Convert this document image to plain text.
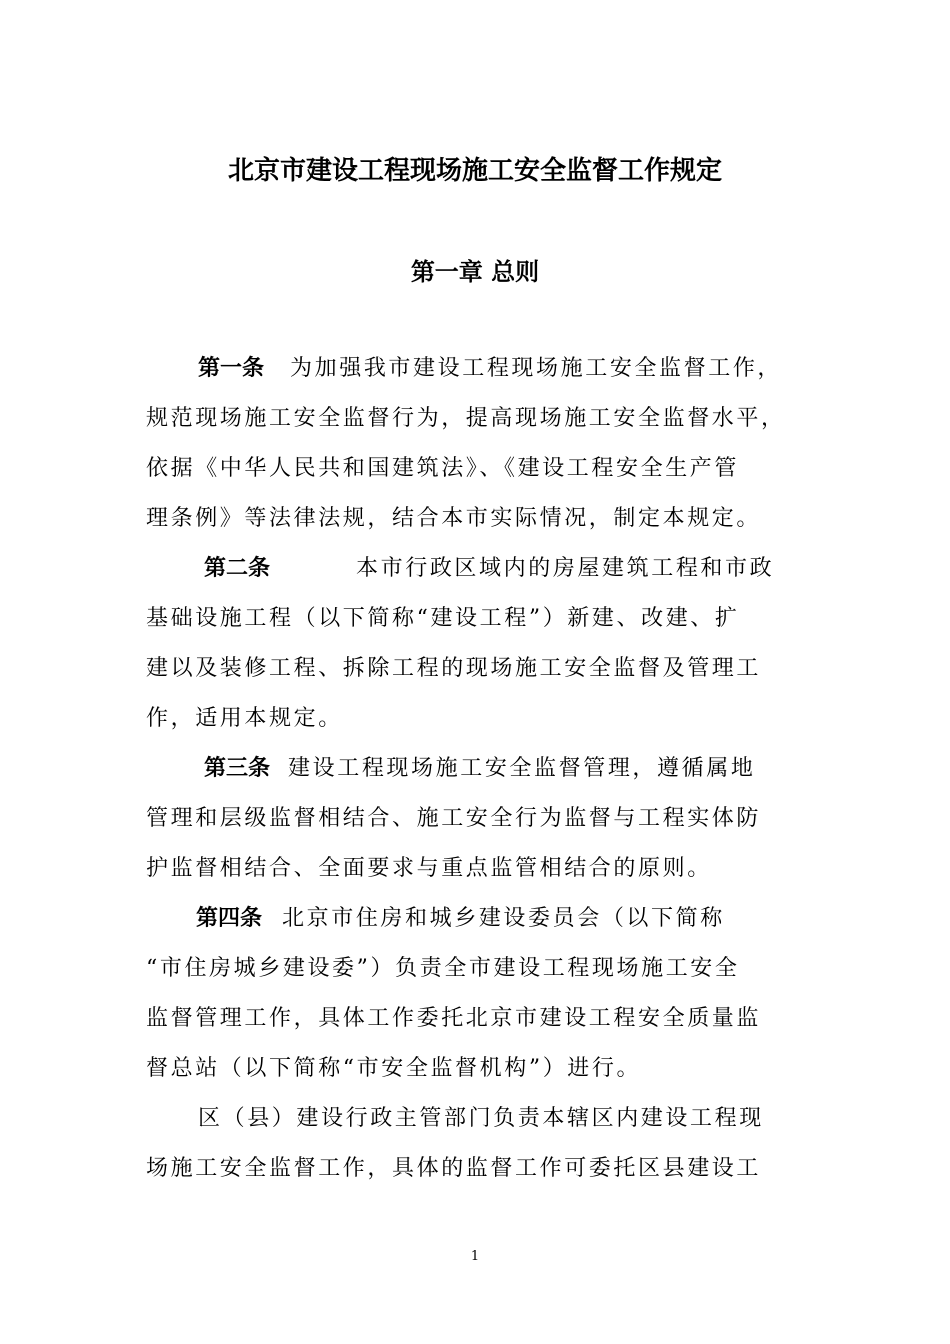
北京市建设工程现场施工安全监督工作规定
第一章 总则

第一条 为加强我市建设工程现场施工安全监督工作，

规范现场施工安全监督行为，提高现场施工安全监督水平，

依据《中华人民共和国建筑法》、《建设工程安全生产管

理条例》等法律法规，结合本市实际情况，制定本规定。

第二条	本市行政区域内的房屋建筑工程和市政

基础设施工程（以下简称“建设工程”）新建、改建、扩

建以及装修工程、拆除工程的现场施工安全监督及管理工

作，适用本规定。

第三条 建设工程现场施工安全监督管理，遵循属地

管理和层级监督相结合、施工安全行为监督与工程实体防

护监督相结合、全面要求与重点监管相结合的原则。

第四条 北京市住房和城乡建设委员会（以下简称

“市住房城乡建设委”）负责全市建设工程现场施工安全

监督管理工作，具体工作委托北京市建设工程安全质量监

督总站（以下简称“市安全监督机构”）进行。

区（县）建设行政主管部门负责本辖区内建设工程现

场施工安全监督工作，具体的监督工作可委托区县建设工

1
